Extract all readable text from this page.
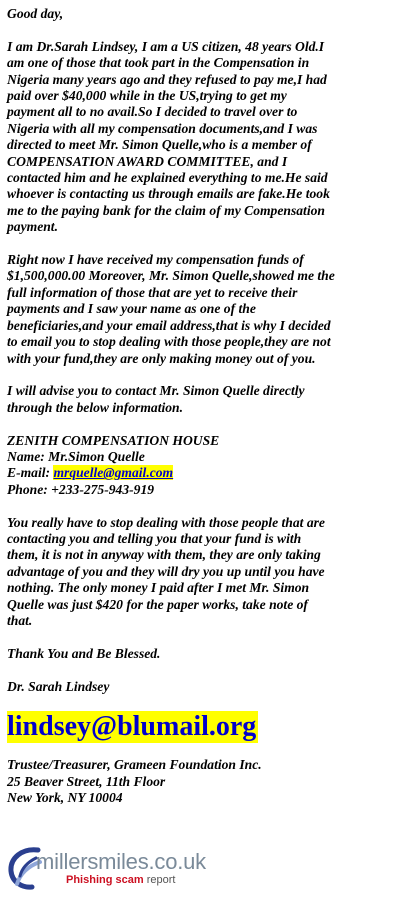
Good day,

I am Dr.Sarah Lindsey, I am a US citizen, 48 years Old.I
am one of those that took part in the Compensation in
Nigeria many years ago and they refused to pay me,I had
paid over $40,000 while in the US,trying to get my
payment all to no avail.So I decided to travel over to
Nigeria with all my compensation documents,and I was
directed to meet Mr. Simon Quelle,who is a member of
COMPENSATION AWARD COMMITTEE, and I
contacted him and he explained everything to me.He said
whoever is contacting us through emails are fake.He took
me to the paying bank for the claim of my Compensation
payment.

Right now I have received my compensation funds of
$1,500,000.00 Moreover, Mr. Simon Quelle,showed me the
full information of those that are yet to receive their
payments and I saw your name as one of the
beneficiaries,and your email address,that is why I decided
to email you to stop dealing with those people,they are not
with your fund,they are only making money out of you.

I will advise you to contact Mr. Simon Quelle directly
through the below information.

ZENITH COMPENSATION HOUSE
Name: Mr.Simon Quelle
E-mail: mrquelle@gmail.com
Phone: +233-275-943-919

You really have to stop dealing with those people that are
contacting you and telling you that your fund is with
them, it is not in anyway with them, they are only taking
advantage of you and they will dry you up until you have
nothing. The only money I paid after I met Mr. Simon
Quelle was just $420 for the paper works, take note of
that.

Thank You and Be Blessed.

Dr. Sarah Lindsey

lindsey@blumail.org

Trustee/Treasurer, Grameen Foundation Inc.
25 Beaver Street, 11th Floor
New York, NY 10004

millersmiles.co.uk
Phishing scam report
